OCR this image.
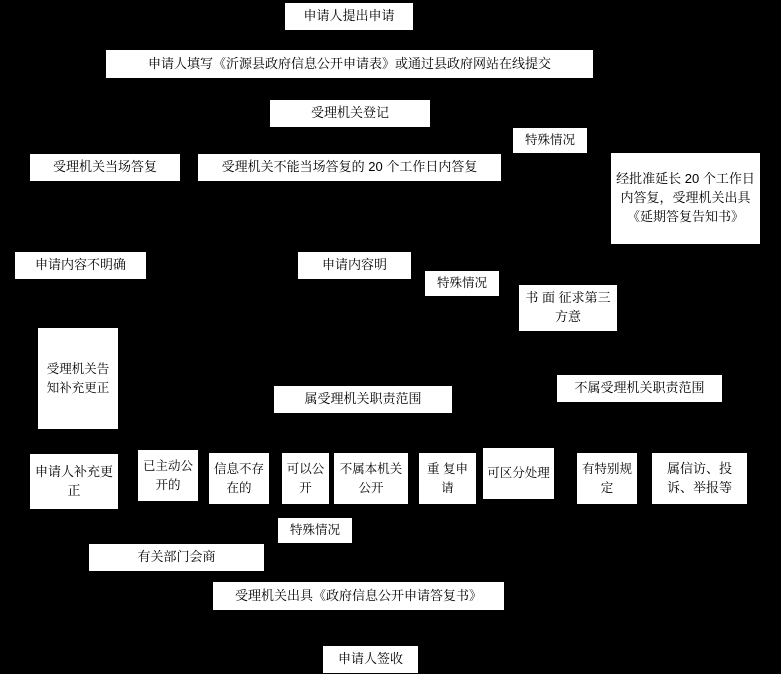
申请人提出申请
申请人填写《沂源县政府信息公开申请表》或通过县政府网站在线提交
受理机关登记
特殊情况
受理机关当场答复	受理机关不能当场答复的 20 个工作日内答复
经批准延长 20 个工作日内答复，受理机关出具《延期答复告知书》
申请内容不明确	申请内容明
特殊情况
书 面 征求第三方意
受理机关告知补充更正
属受理机关职责范围
不属受理机关职责范围
申请人补充更正
已主动公开的
信息不存在的
可以公开
不属本机关公开
重 复申请
可区分处理	有特别规定
属信访、投诉、举报等
特殊情况
有关部门会商
受理机关出具《政府信息公开申请答复书》
申请人签收
